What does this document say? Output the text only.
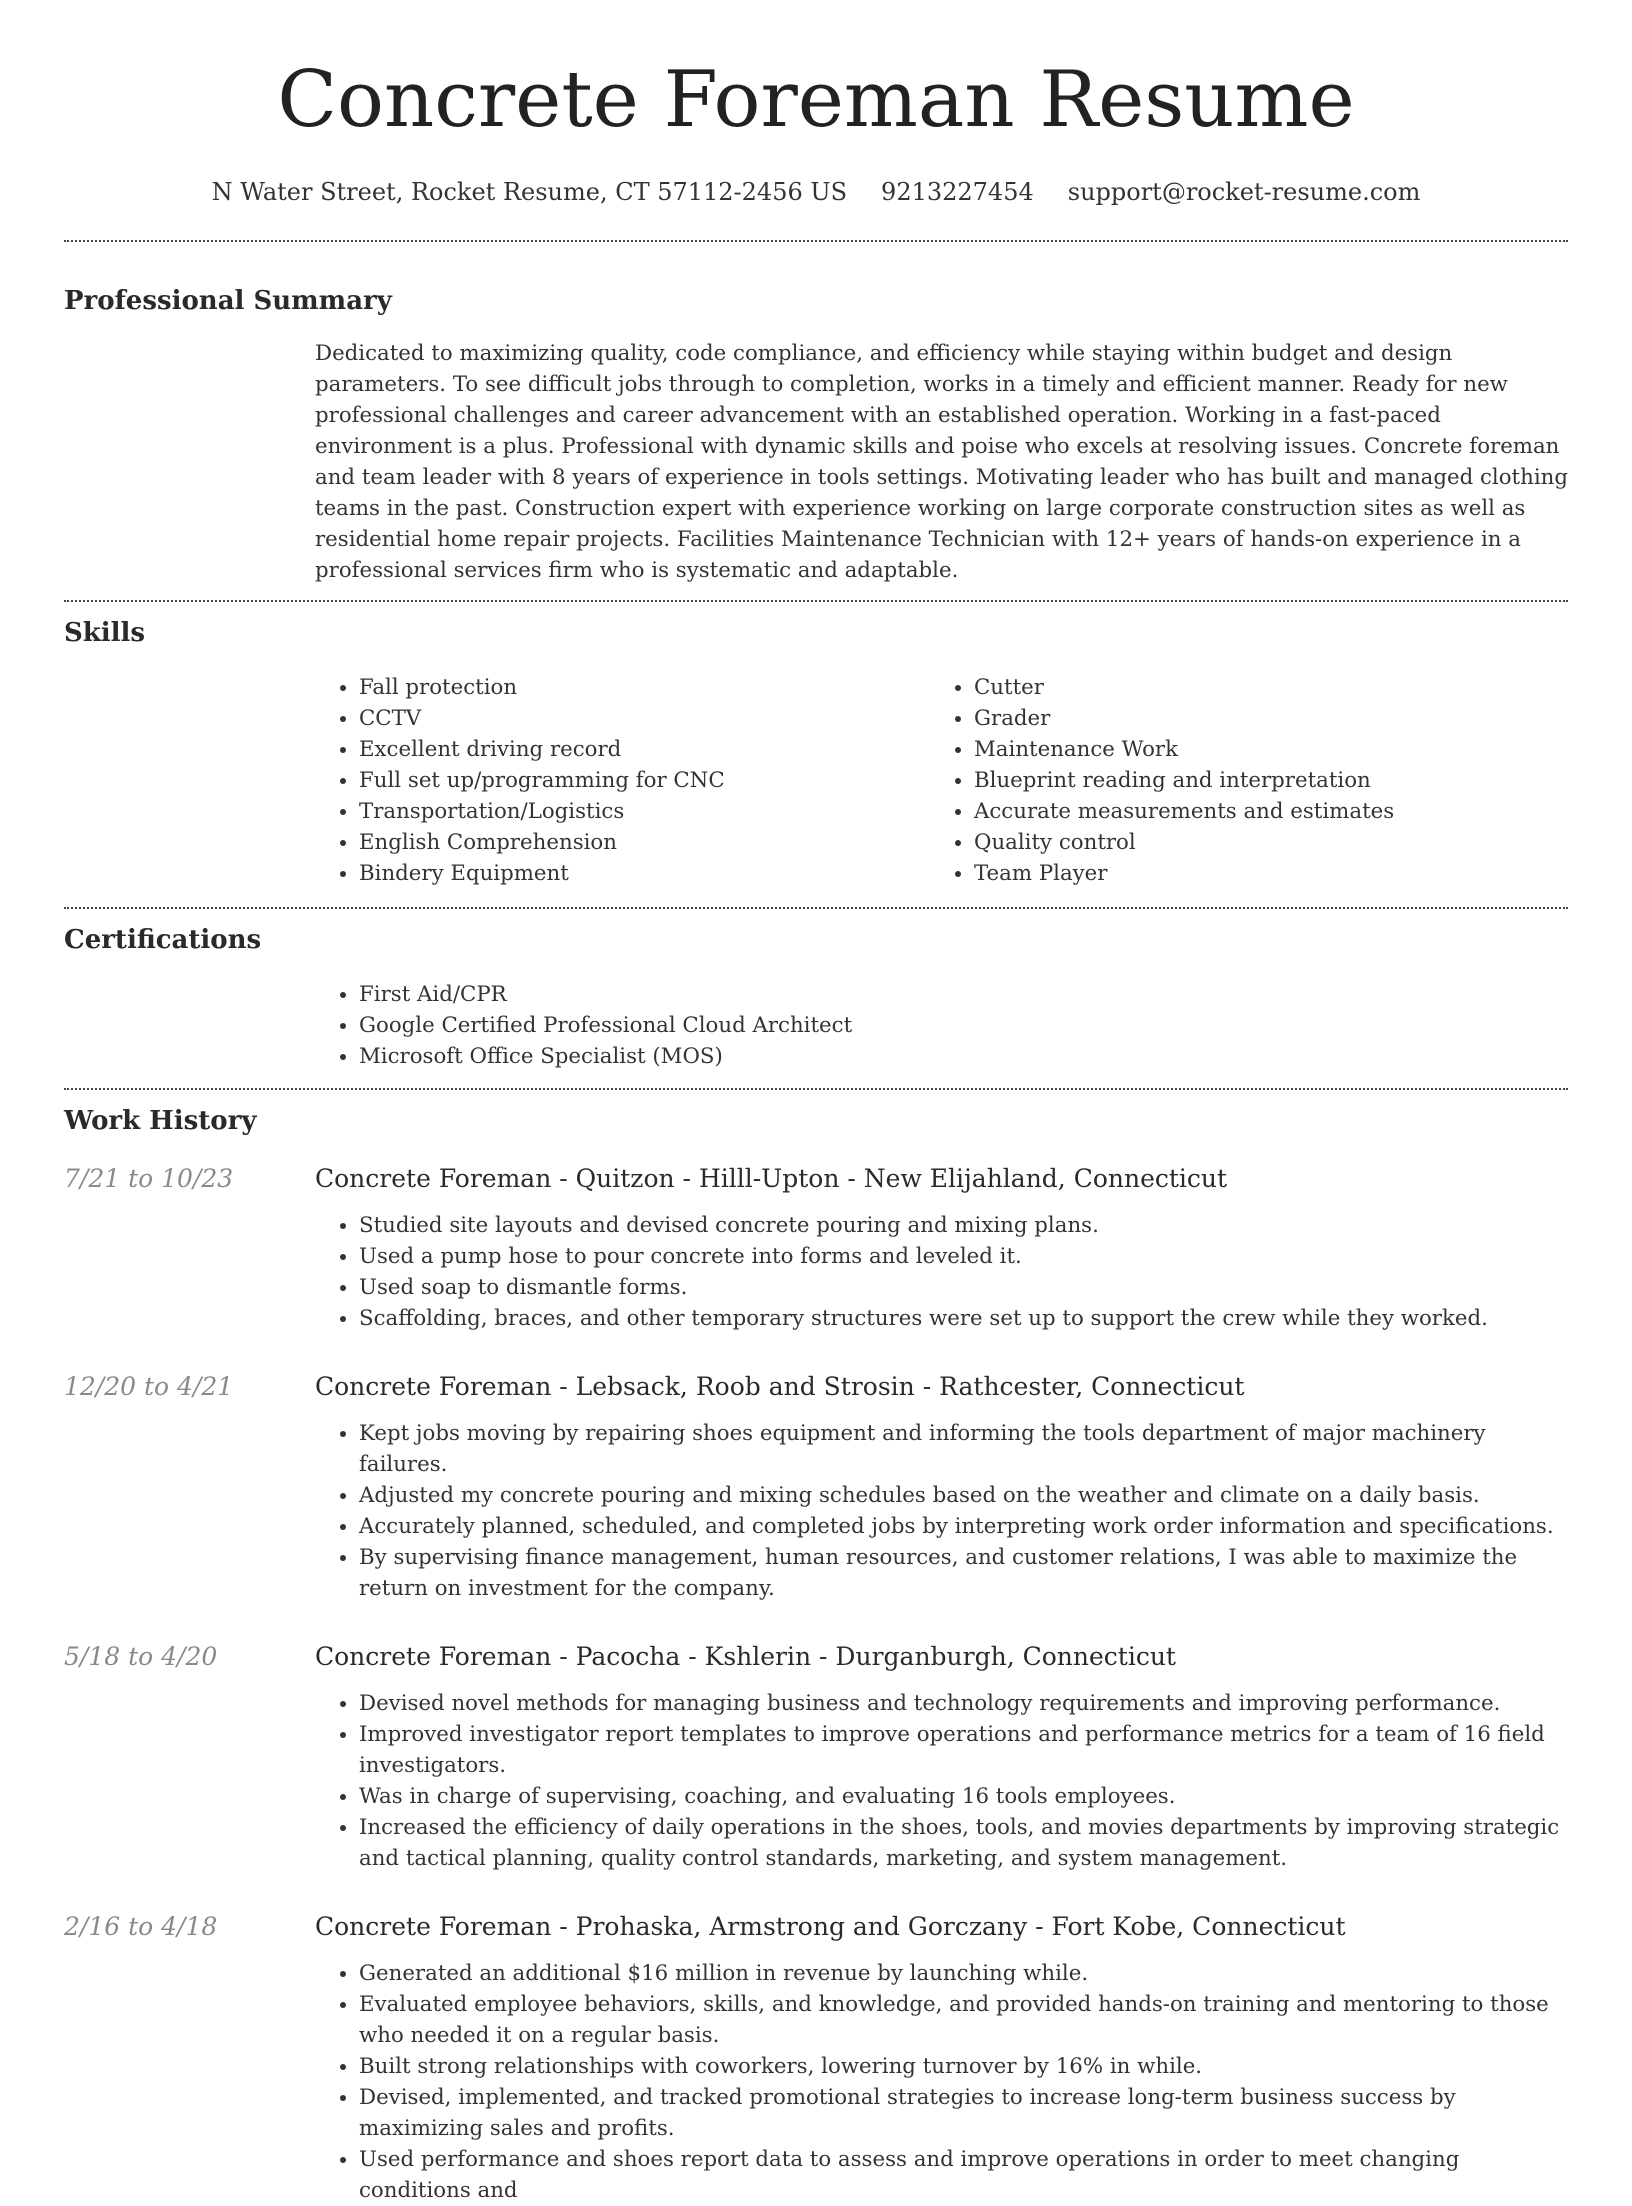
Concrete Foreman Resume
N Water Street, Rocket Resume, CT 57112-2456 US 9213227454 support@rocket-resume.com
Professional Summary

Dedicated to maximizing quality, code compliance, and efficiency while staying within budget and design parameters. To see difficult jobs through to completion, works in a timely and efficient manner. Ready for new professional challenges and career advancement with an established operation. Working in a fast-paced environment is a plus. Professional with dynamic skills and poise who excels at resolving issues. Concrete foreman and team leader with 8 years of experience in tools settings. Motivating leader who has built and managed clothing teams in the past. Construction expert with experience working on large corporate construction sites as well as residential home repair projects. Facilities Maintenance Technician with 12+ years of hands-on experience in a professional services firm who is systematic and adaptable.

Skills
• Fall protection
• CCTV
• Excellent driving record
• Full set up/programming for CNC
• Transportation/Logistics
• English Comprehension
• Bindery Equipment
• Cutter
• Grader
• Maintenance Work
• Blueprint reading and interpretation
• Accurate measurements and estimates
• Quality control
• Team Player
Certifications
• First Aid/CPR
• Google Certified Professional Cloud Architect
• Microsoft Office Specialist (MOS)
Work History
7/21 to 10/23	Concrete Foreman - Quitzon - Hilll-Upton - New Elijahland, Connecticut
• Studied site layouts and devised concrete pouring and mixing plans.
• Used a pump hose to pour concrete into forms and leveled it.
• Used soap to dismantle forms.
• Scaffolding, braces, and other temporary structures were set up to support the crew while they worked.
12/20 to 4/21	Concrete Foreman - Lebsack, Roob and Strosin - Rathcester, Connecticut
• Kept jobs moving by repairing shoes equipment and informing the tools department of major machinery failures.
• Adjusted my concrete pouring and mixing schedules based on the weather and climate on a daily basis.
• Accurately planned, scheduled, and completed jobs by interpreting work order information and specifications.
• By supervising finance management, human resources, and customer relations, I was able to maximize the return on investment for the company.
5/18 to 4/20	Concrete Foreman - Pacocha - Kshlerin - Durganburgh, Connecticut
• Devised novel methods for managing business and technology requirements and improving performance.
• Improved investigator report templates to improve operations and performance metrics for a team of 16 field investigators.
• Was in charge of supervising, coaching, and evaluating 16 tools employees.
• Increased the efficiency of daily operations in the shoes, tools, and movies departments by improving strategic and tactical planning, quality control standards, marketing, and system management.
2/16 to 4/18	Concrete Foreman - Prohaska, Armstrong and Gorczany - Fort Kobe, Connecticut
• Generated an additional $16 million in revenue by launching while.
• Evaluated employee behaviors, skills, and knowledge, and provided hands-on training and mentoring to those who needed it on a regular basis.
• Built strong relationships with coworkers, lowering turnover by 16% in while.
• Devised, implemented, and tracked promotional strategies to increase long-term business success by maximizing sales and profits.
• Used performance and shoes report data to assess and improve operations in order to meet changing conditions and
